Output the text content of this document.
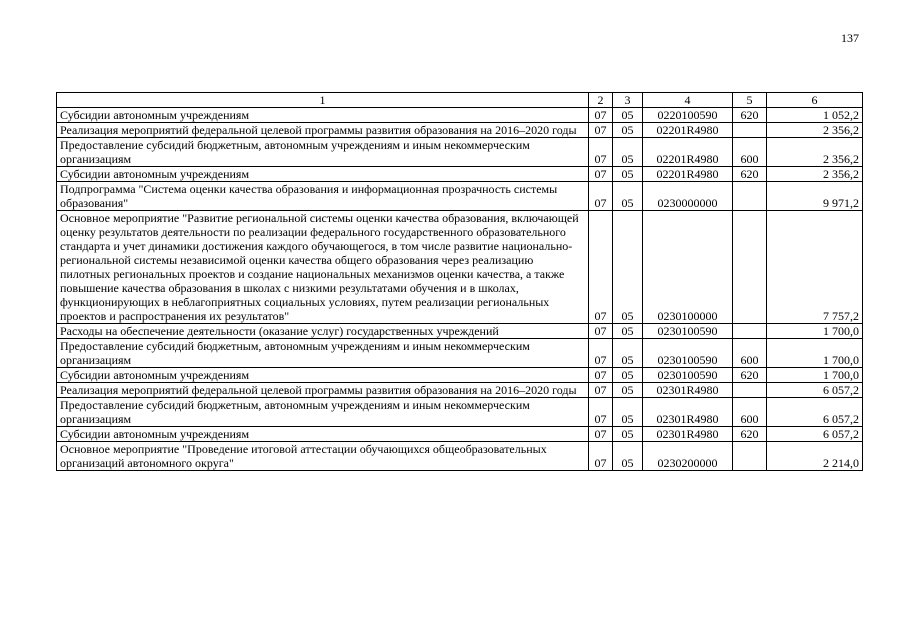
137
1	2	3	4	5	6
Субсидии автономным учреждениям	07	05	0220100590	620	1 052,2
Реализация мероприятий федеральной целевой программы развития образования на 2016–2020 годы	07	05	02201R4980		2 356,2
Предоставление субсидий бюджетным, автономным учреждениям и иным некоммерческим организациям	07	05	02201R4980	600	2 356,2
Субсидии автономным учреждениям	07	05	02201R4980	620	2 356,2
Подпрограмма "Система оценки качества образования и информационная прозрачность системы образования"	07	05	0230000000		9 971,2
Основное мероприятие "Развитие региональной системы оценки качества образования, включающей оценку результатов деятельности по реализации федерального государственного образовательного стандарта и учет динамики достижения каждого обучающегося, в том числе развитие национально-региональной системы независимой оценки качества общего образования через реализацию пилотных региональных проектов и создание национальных механизмов оценки качества, а также повышение качества образования в школах с низкими результатами обучения и в школах, функционирующих в неблагоприятных социальных условиях, путем реализации региональных проектов и распространения их результатов"	07	05	0230100000		7 757,2
Расходы на обеспечение деятельности (оказание услуг) государственных учреждений	07	05	0230100590		1 700,0
Предоставление субсидий бюджетным, автономным учреждениям и иным некоммерческим организациям	07	05	0230100590	600	1 700,0
Субсидии автономным учреждениям	07	05	0230100590	620	1 700,0
Реализация мероприятий федеральной целевой программы развития образования на 2016–2020 годы	07	05	02301R4980		6 057,2
Предоставление субсидий бюджетным, автономным учреждениям и иным некоммерческим организациям	07	05	02301R4980	600	6 057,2
Субсидии автономным учреждениям	07	05	02301R4980	620	6 057,2
Основное мероприятие "Проведение итоговой аттестации обучающихся общеобразовательных организаций автономного округа"	07	05	0230200000		2 214,0
